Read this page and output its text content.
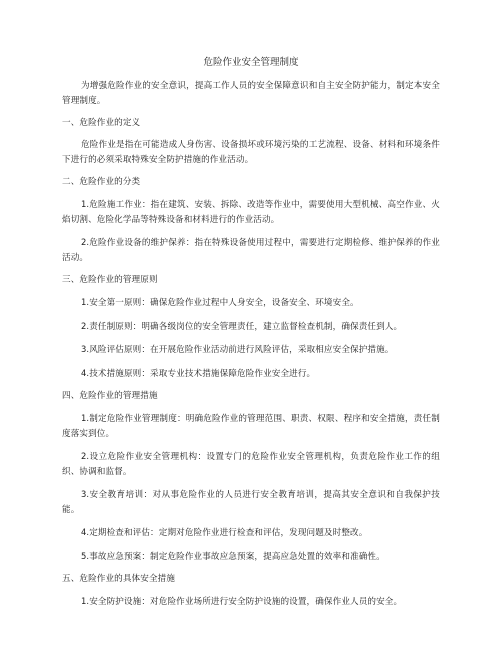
危险作业安全管理制度

为增强危险作业的安全意识，提高工作人员的安全保障意识和自主安全防护能力，制定本安全管理制度。

一、危险作业的定义

危险作业是指在可能造成人身伤害、设备损坏或环境污染的工艺流程、设备、材料和环境条件下进行的必须采取特殊安全防护措施的作业活动。

二、危险作业的分类

1.危险施工作业：指在建筑、安装、拆除、改造等作业中，需要使用大型机械、高空作业、火焰切割、危险化学品等特殊设备和材料进行的作业活动。

2.危险作业设备的维护保养：指在特殊设备使用过程中，需要进行定期检修、维护保养的作业活动。

三、危险作业的管理原则

1.安全第一原则：确保危险作业过程中人身安全，设备安全、环境安全。

2.责任制原则：明确各级岗位的安全管理责任，建立监督检查机制，确保责任到人。

3.风险评估原则：在开展危险作业活动前进行风险评估，采取相应安全保护措施。

4.技术措施原则：采取专业技术措施保障危险作业安全进行。

四、危险作业的管理措施

1.制定危险作业管理制度：明确危险作业的管理范围、职责、权限、程序和安全措施，责任制度落实到位。

2.设立危险作业安全管理机构：设置专门的危险作业安全管理机构，负责危险作业工作的组织、协调和监督。

3.安全教育培训：对从事危险作业的人员进行安全教育培训，提高其安全意识和自我保护技能。

4.定期检查和评估：定期对危险作业进行检查和评估，发现问题及时整改。

5.事故应急预案：制定危险作业事故应急预案，提高应急处置的效率和准确性。

五、危险作业的具体安全措施

1.安全防护设施：对危险作业场所进行安全防护设施的设置，确保作业人员的安全。
